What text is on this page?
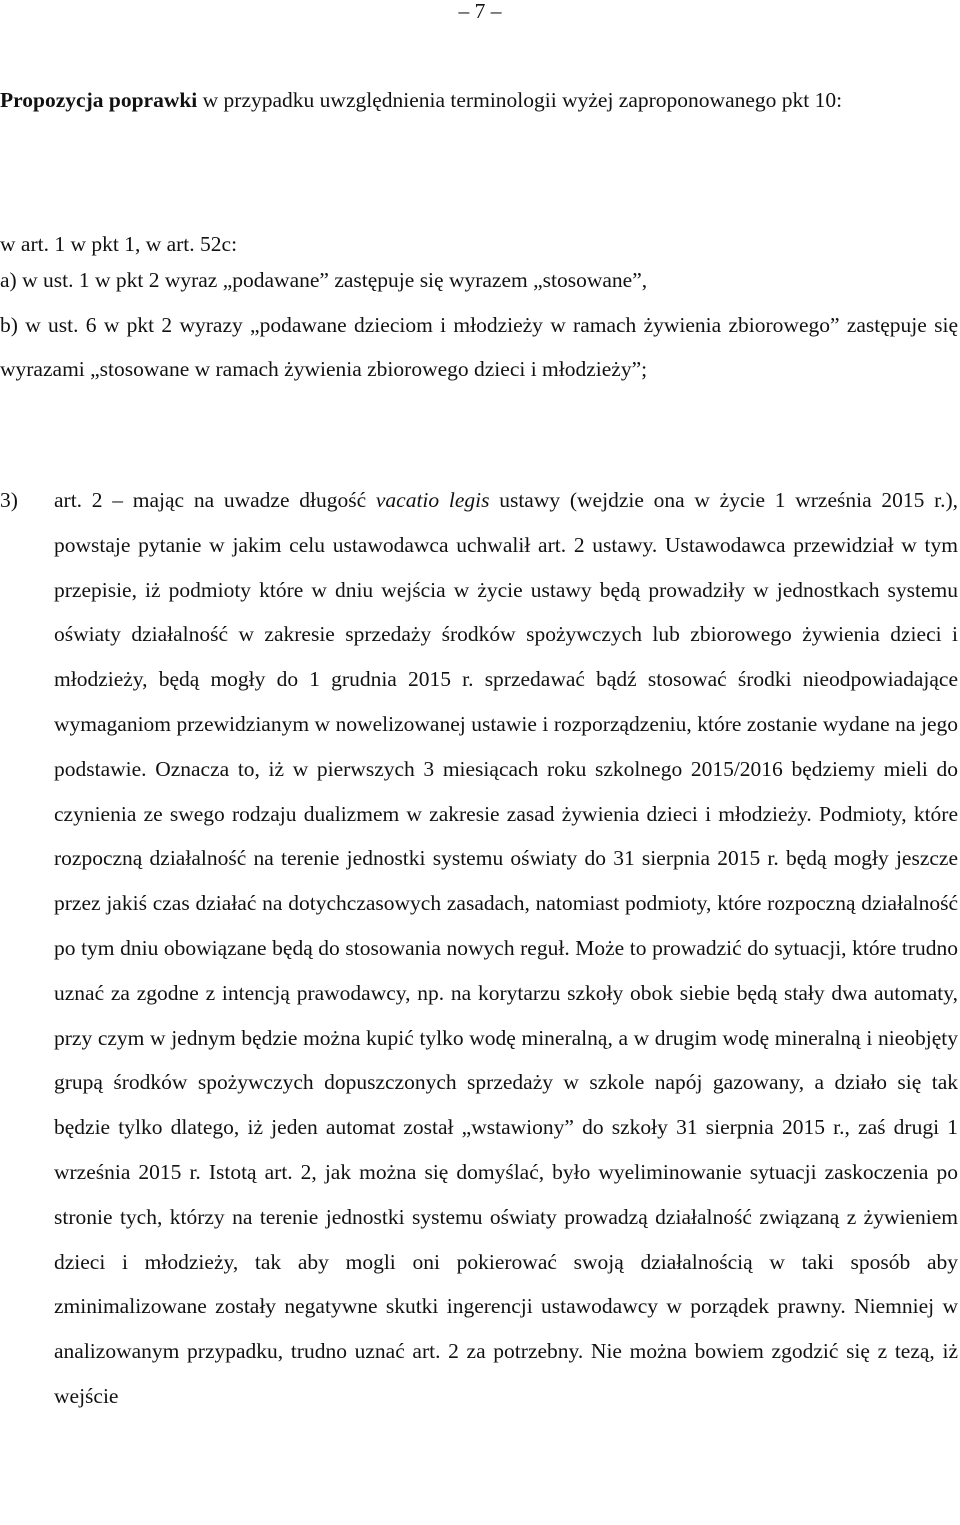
– 7 –

Propozycja poprawki w przypadku uwzględnienia terminologii wyżej zaproponowanego pkt 10:

w art. 1 w pkt 1, w art. 52c:

a) w ust. 1 w pkt 2 wyraz „podawane” zastępuje się wyrazem „stosowane”,
b) w ust. 6 w pkt 2 wyrazy „podawane dzieciom i młodzieży w ramach żywienia zbiorowego” zastępuje się wyrazami „stosowane w ramach żywienia zbiorowego dzieci i młodzieży”;
3) art. 2 – mając na uwadze długość vacatio legis ustawy (wejdzie ona w życie 1 września 2015 r.), powstaje pytanie w jakim celu ustawodawca uchwalił art. 2 ustawy. Ustawodawca przewidział w tym przepisie, iż podmioty które w dniu wejścia w życie ustawy będą prowadziły w jednostkach systemu oświaty działalność w zakresie sprzedaży środków spożywczych lub zbiorowego żywienia dzieci i młodzieży, będą mogły do 1 grudnia 2015 r. sprzedawać bądź stosować środki nieodpowiadające wymaganiom przewidzianym w nowelizowanej ustawie i rozporządzeniu, które zostanie wydane na jego podstawie. Oznacza to, iż w pierwszych 3 miesiącach roku szkolnego 2015/2016 będziemy mieli do czynienia ze swego rodzaju dualizmem w zakresie zasad żywienia dzieci i młodzieży. Podmioty, które rozpoczną działalność na terenie jednostki systemu oświaty do 31 sierpnia 2015 r. będą mogły jeszcze przez jakiś czas działać na dotychczasowych zasadach, natomiast podmioty, które rozpoczną działalność po tym dniu obowiązane będą do stosowania nowych reguł. Może to prowadzić do sytuacji, które trudno uznać za zgodne z intencją prawodawcy, np. na korytarzu szkoły obok siebie będą stały dwa automaty, przy czym w jednym będzie można kupić tylko wodę mineralną, a w drugim wodę mineralną i nieobjęty grupą środków spożywczych dopuszczonych sprzedaży w szkole napój gazowany, a działo się tak będzie tylko dlatego, iż jeden automat został „wstawiony” do szkoły 31 sierpnia 2015 r., zaś drugi 1 września 2015 r. Istotą art. 2, jak można się domyślać, było wyeliminowanie sytuacji zaskoczenia po stronie tych, którzy na terenie jednostki systemu oświaty prowadzą działalność związaną z żywieniem dzieci i młodzieży, tak aby mogli oni pokierować swoją działalnością w taki sposób aby zminimalizowane zostały negatywne skutki ingerencji ustawodawcy w porządek prawny. Niemniej w analizowanym przypadku, trudno uznać art. 2 za potrzebny. Nie można bowiem zgodzić się z tezą, iż wejście
